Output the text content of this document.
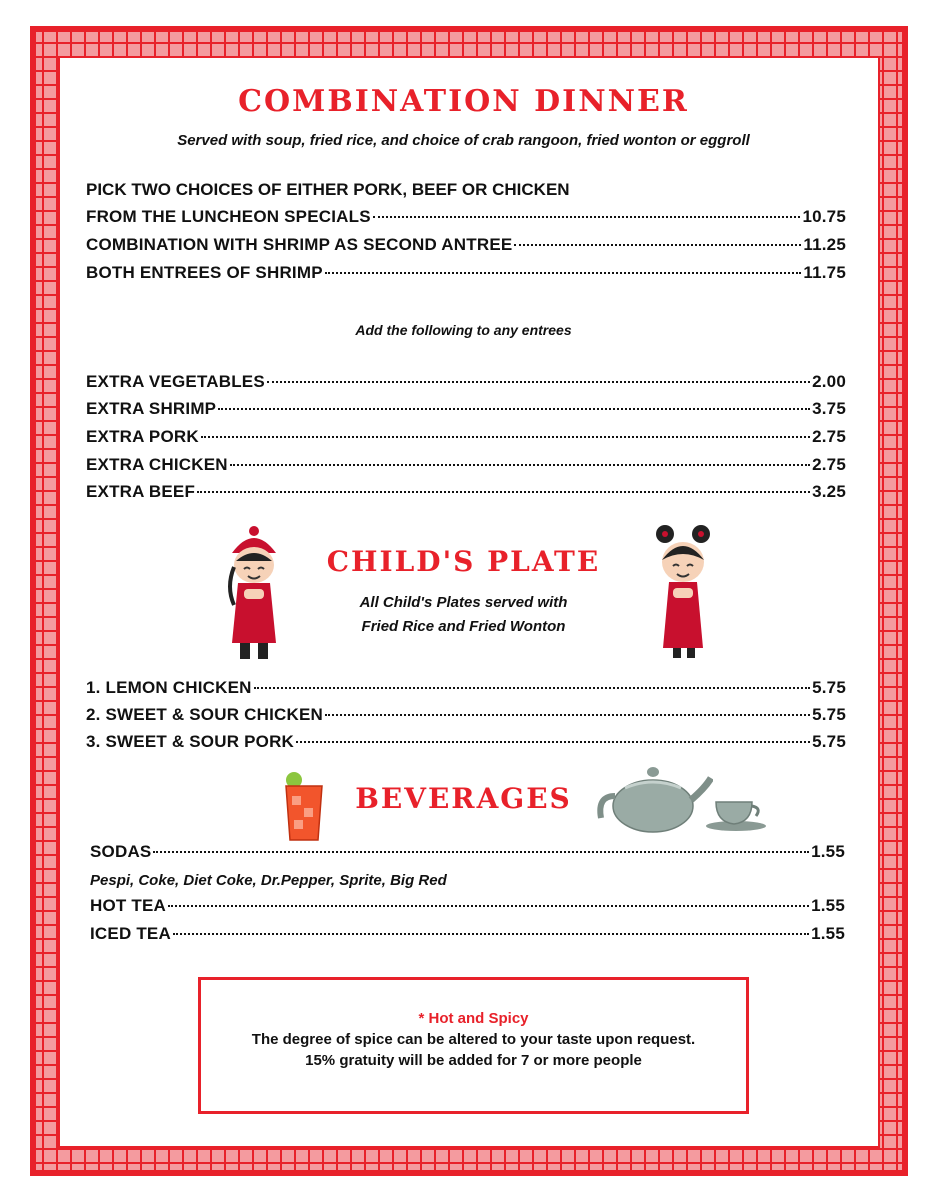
COMBINATION DINNER
Served with soup, fried rice, and choice of crab rangoon, fried wonton or eggroll
PICK TWO CHOICES OF EITHER PORK, BEEF OR CHICKEN
FROM THE LUNCHEON SPECIALS	10.75
COMBINATION WITH SHRIMP AS SECOND ANTREE	11.25
BOTH ENTREES OF SHRIMP	11.75
Add the following to any entrees
EXTRA VEGETABLES	2.00
EXTRA SHRIMP	3.75
EXTRA PORK	2.75
EXTRA CHICKEN	2.75
EXTRA BEEF	3.25
CHILD'S PLATE
All Child's Plates served with
Fried Rice and Fried Wonton
1. LEMON CHICKEN	5.75
2. SWEET & SOUR CHICKEN	5.75
3. SWEET & SOUR PORK	5.75
BEVERAGES
SODAS	1.55
Pespi, Coke, Diet Coke, Dr.Pepper, Sprite, Big Red
HOT TEA	1.55
ICED TEA	1.55
* Hot and Spicy
The degree of spice can be altered to your taste upon request.
15% gratuity will be added for 7 or more people
